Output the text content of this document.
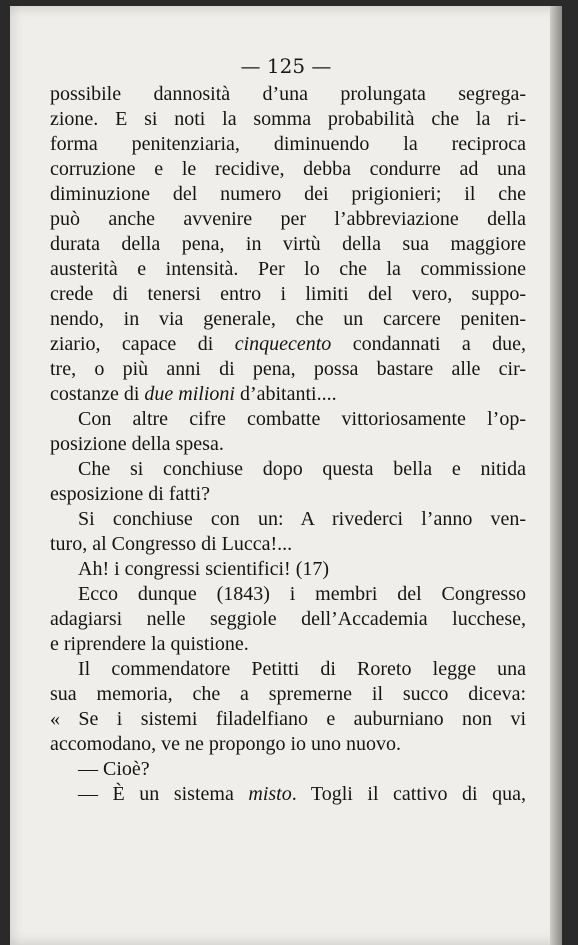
— 125 —
possibile dannosità d’una prolungata segrega-
zione. E si noti la somma probabilità che la ri-
forma penitenziaria, diminuendo la reciproca
corruzione e le recidive, debba condurre ad una
diminuzione del numero dei prigionieri; il che
può anche avvenire per l’abbreviazione della
durata della pena, in virtù della sua maggiore
austerità e intensità. Per lo che la commissione
crede di tenersi entro i limiti del vero, suppo-
nendo, in via generale, che un carcere peniten-
ziario, capace di cinquecento condannati a due,
tre, o più anni di pena, possa bastare alle cir-
costanze di due milioni d’abitanti....
Con altre cifre combatte vittoriosamente l’op-
posizione della spesa.
Che si conchiuse dopo questa bella e nitida
esposizione di fatti?
Si conchiuse con un: A rivederci l’anno ven-
turo, al Congresso di Lucca!...
Ah! i congressi scientifici! (17)
Ecco dunque (1843) i membri del Congresso
adagiarsi nelle seggiole dell’Accademia lucchese,
e riprendere la quistione.
Il commendatore Petitti di Roreto legge una
sua memoria, che a spremerne il succo diceva:
« Se i sistemi filadelfiano e auburniano non vi
accomodano, ve ne propongo io uno nuovo.
— Cioè?
— È un sistema misto. Togli il cattivo di qua,
